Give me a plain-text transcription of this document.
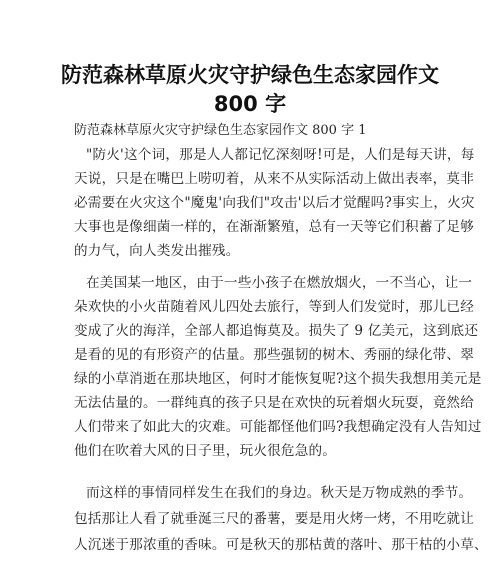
防范森林草原火灾守护绿色生态家园作文
800 字
防范森林草原火灾守护绿色生态家园作文 800 字 1
"防火'这个词，那是人人都记忆深刻呀!可是，人们是每天讲，每
天说，只是在嘴巴上唠叨着，从来不从实际活动上做出表率，莫非
必需要在火灾这个"魔鬼'向我们"攻击'以后才觉醒吗?事实上，火灾
大事也是像细菌一样的，在渐渐繁殖，总有一天等它们积蓄了足够
的力气，向人类发出摧残。
在美国某一地区，由于一些小孩子在燃放烟火，一不当心，让一
朵欢快的小火苗随着风儿四处去旅行，等到人们发觉时，那儿已经
变成了火的海洋，全部人都追悔莫及。损失了 9 亿美元，这到底还
是看的见的有形资产的估量。那些强韧的树木、秀丽的绿化带、翠
绿的小草消逝在那块地区，何时才能恢复呢?这个损失我想用美元是
无法估量的。一群纯真的孩子只是在欢快的玩着烟火玩耍，竟然给
人们带来了如此大的灾难。可能都怪他们吗?我想确定没有人告知过
他们在吹着大风的日子里，玩火很危急的。
而这样的事情同样发生在我们的身边。秋天是万物成熟的季节。
包括那让人看了就垂涎三尺的番薯，要是用火烤一烤，不用吃就让
人沉迷于那浓重的香味。可是秋天的那枯黄的落叶、那干枯的小草、
